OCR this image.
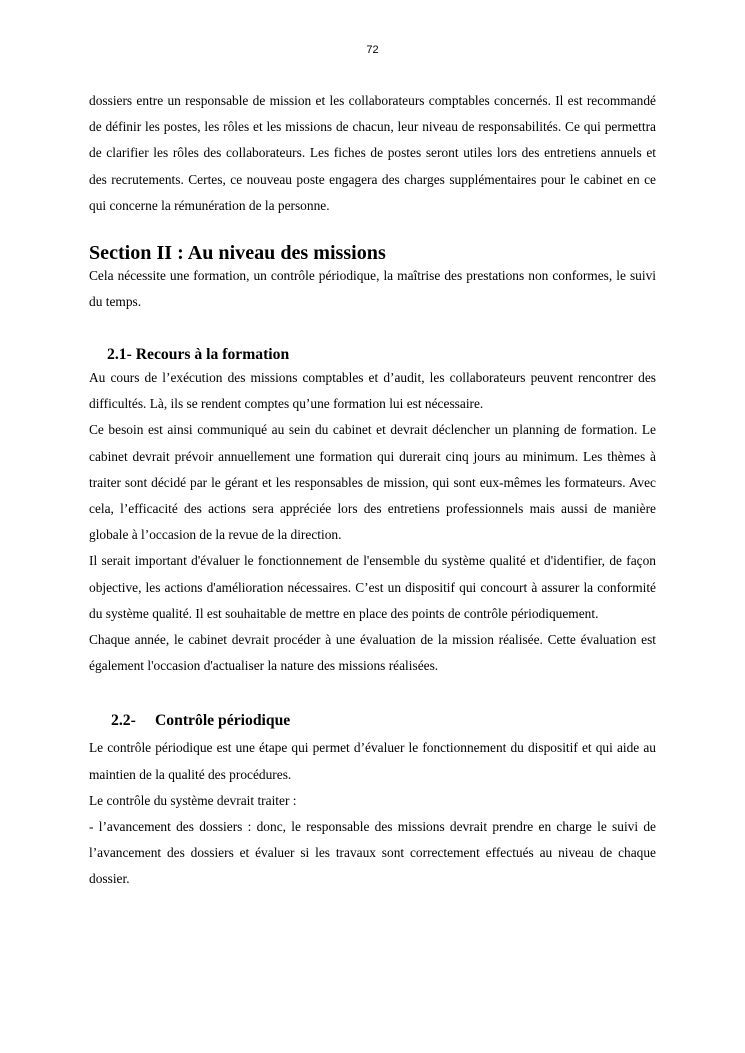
72

dossiers entre un responsable de mission et les collaborateurs comptables concernés. Il est recommandé de définir les postes, les rôles et les missions de chacun, leur niveau de responsabilités. Ce qui permettra de clarifier les rôles des collaborateurs. Les fiches de postes seront utiles lors des entretiens annuels et des recrutements. Certes, ce nouveau poste engagera des charges supplémentaires pour le cabinet en ce qui concerne la rémunération de la personne.

Section II : Au niveau des missions

Cela nécessite une formation, un contrôle périodique, la maîtrise des prestations non conformes, le suivi du temps.

2.1- Recours à la formation

Au cours de l’exécution des missions comptables et d’audit, les collaborateurs peuvent rencontrer des difficultés. Là, ils se rendent comptes qu’une formation lui est nécessaire.

Ce besoin est ainsi communiqué au sein du cabinet et devrait déclencher un planning de formation. Le cabinet devrait prévoir annuellement une formation qui durerait cinq jours au minimum. Les thèmes à traiter sont décidé par le gérant et les responsables de mission, qui sont eux-mêmes les formateurs. Avec cela, l’efficacité des actions sera appréciée lors des entretiens professionnels mais aussi de manière globale à l’occasion de la revue de la direction.

Il serait important d'évaluer le fonctionnement de l'ensemble du système qualité et d'identifier, de façon objective, les actions d'amélioration nécessaires. C’est un dispositif qui concourt à assurer la conformité du système qualité. Il est souhaitable de mettre en place des points de contrôle périodiquement.

Chaque année, le cabinet devrait procéder à une évaluation de la mission réalisée. Cette évaluation est également l'occasion d'actualiser la nature des missions réalisées.

2.2- Contrôle périodique

Le contrôle périodique est une étape qui permet d’évaluer le fonctionnement du dispositif et qui aide au maintien de la qualité des procédures.

Le contrôle du système devrait traiter :

- l’avancement des dossiers : donc, le responsable des missions devrait prendre en charge le suivi de l’avancement des dossiers et évaluer si les travaux sont correctement effectués au niveau de chaque dossier.
